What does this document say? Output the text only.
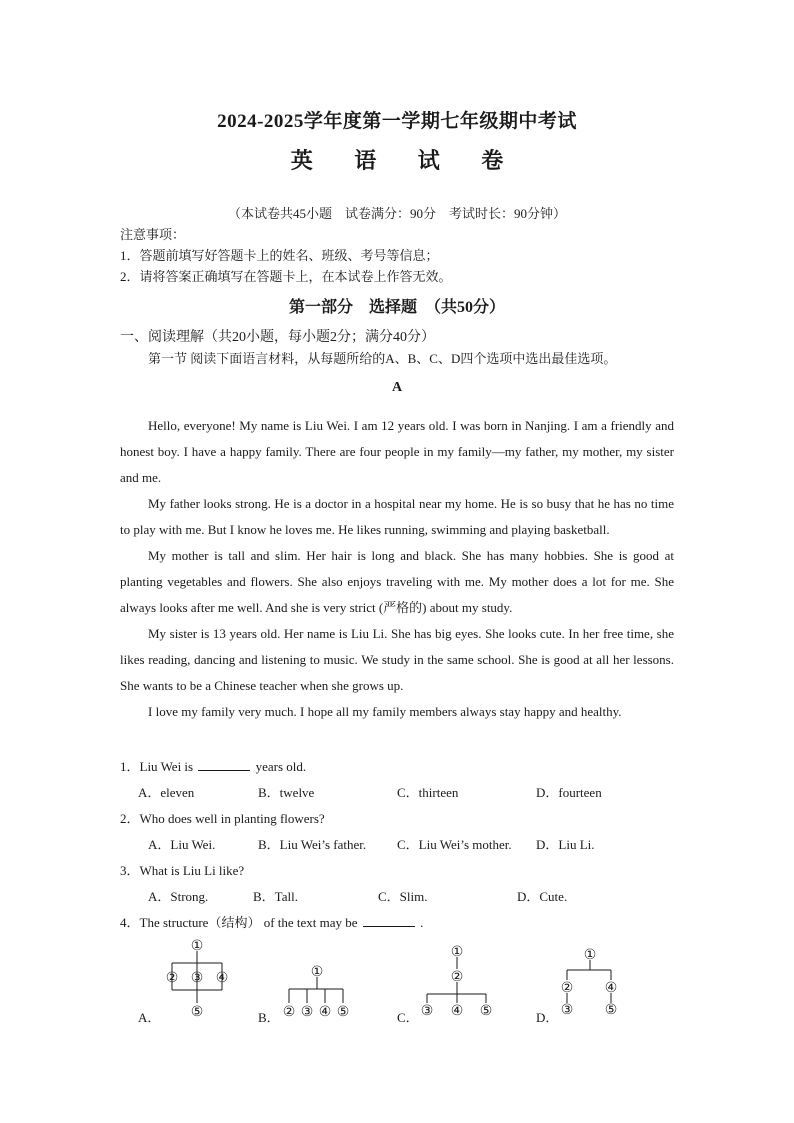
2024-2025学年度第一学期七年级期中考试
英 语 试 卷
（本试卷共45小题　试卷满分：90分　考试时长：90分钟）
注意事项：
1．答题前填写好答题卡上的姓名、班级、考号等信息；
2．请将答案正确填写在答题卡上，在本试卷上作答无效。
第一部分　选择题　（共50分）
一、阅读理解（共20小题，每小题2分；满分40分）
第一节 阅读下面语言材料，从每题所给的A、B、C、D四个选项中选出最佳选项。
A

Hello, everyone! My name is Liu Wei. I am 12 years old. I was born in Nanjing. I am a friendly and honest boy. I have a happy family. There are four people in my family—my father, my mother, my sister and me.

My father looks strong. He is a doctor in a hospital near my home. He is so busy that he has no time to play with me. But I know he loves me. He likes running, swimming and playing basketball.

My mother is tall and slim. Her hair is long and black. She has many hobbies. She is good at planting vegetables and flowers. She also enjoys traveling with me. My mother does a lot for me. She always looks after me well. And she is very strict (严格的) about my study.

My sister is 13 years old. Her name is Liu Li. She has big eyes. She looks cute. In her free time, she likes reading, dancing and listening to music. We study in the same school. She is good at all her lessons. She wants to be a Chinese teacher when she grows up.

I love my family very much. I hope all my family members always stay happy and healthy.

1．Liu Wei is	years old.
A．eleven	B．twelve	C．thirteen	D．fourteen
2．Who does well in planting flowers?
A．Liu Wei.	B．Liu Wei’s father. C．Liu Wei’s mother. D．Liu Li.
3．What is Liu Li like?
A．Strong.	B．Tall.	C．Slim.	D．Cute.
4．The structure（结构） of the text may be	.
A．	B．	C．	D．
①
② ③ ④
⑤
①
② ③ ④ ⑤
①
②
③ ④ ⑤
①
② ④
③ ⑤
